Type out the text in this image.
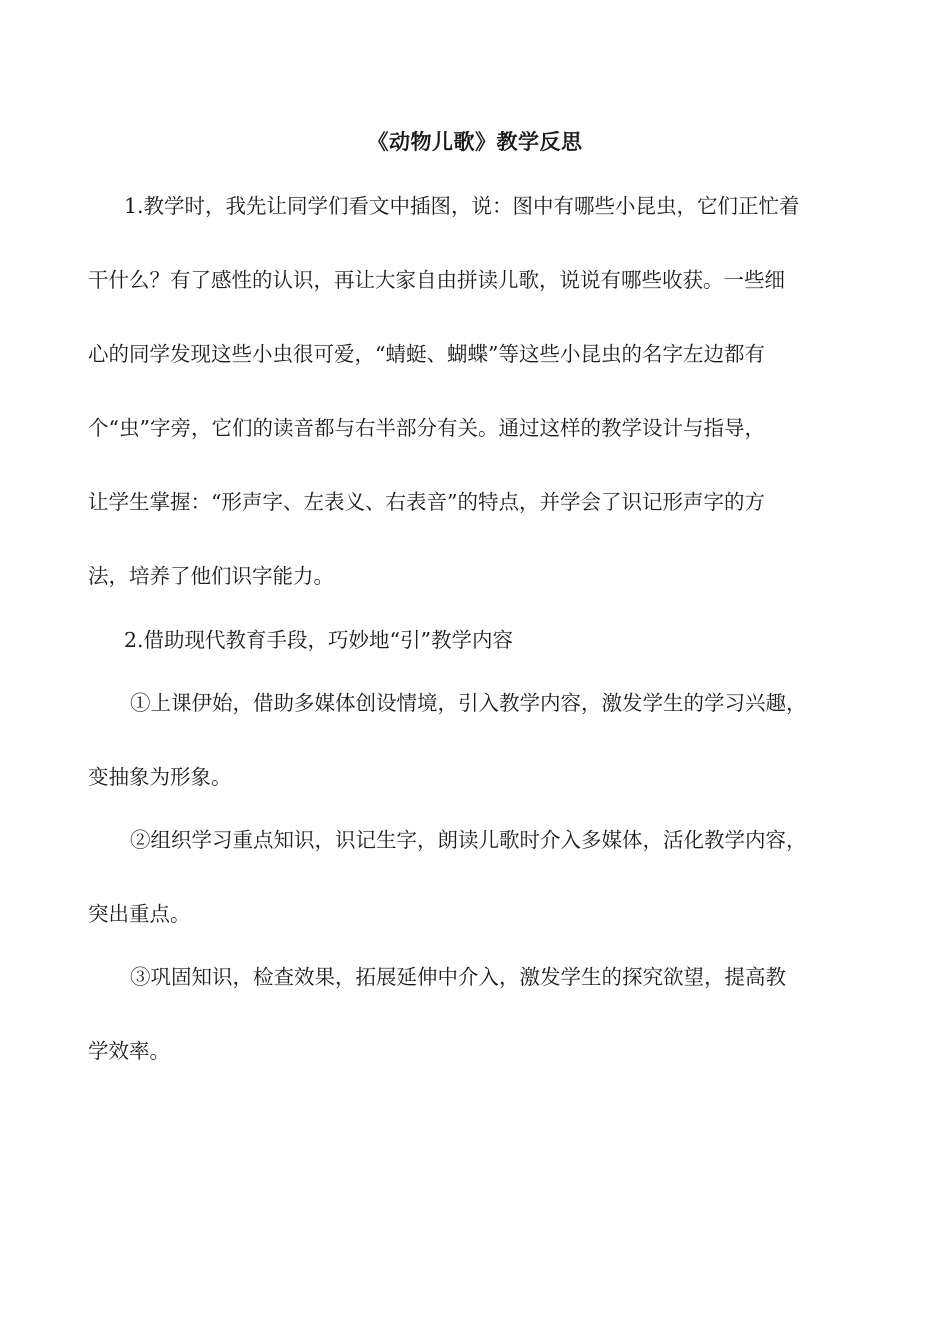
《动物儿歌》教学反思
1.教学时，我先让同学们看文中插图，说：图中有哪些小昆虫，它们正忙着
干什么？有了感性的认识，再让大家自由拼读儿歌，说说有哪些收获。一些细
心的同学发现这些小虫很可爱，“蜻蜓、蝴蝶”等这些小昆虫的名字左边都有
个“虫”字旁，它们的读音都与右半部分有关。通过这样的教学设计与指导，
让学生掌握：“形声字、左表义、右表音”的特点，并学会了识记形声字的方
法，培养了他们识字能力。
2.借助现代教育手段，巧妙地“引”教学内容
①上课伊始，借助多媒体创设情境，引入教学内容，激发学生的学习兴趣，
变抽象为形象。
②组织学习重点知识，识记生字，朗读儿歌时介入多媒体，活化教学内容，
突出重点。
③巩固知识，检查效果，拓展延伸中介入，激发学生的探究欲望，提高教
学效率。
